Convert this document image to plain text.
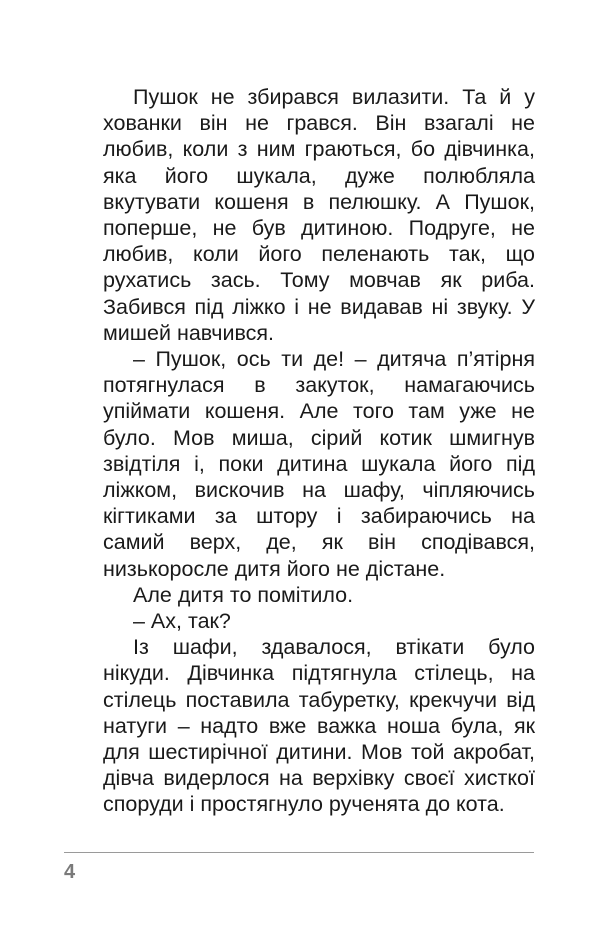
Пушок не збирався вилазити. Та й у хованки він не грався. Він взагалі не любив, коли з ним граються, бо дівчинка, яка його шукала, дуже полюбляла вкутувати кошеня в пелюшку. А Пушок, поперше, не був дитиною. Подруге, не любив, коли його пеленають так, що рухатись зась. Тому мовчав як риба. Забився під ліжко і не видавав ні звуку. У мишей навчився.

– Пушок, ось ти де! – дитяча п’ятірня потягнулася в закуток, намагаючись упіймати кошеня. Але того там уже не було. Мов миша, сірий котик шмигнув звідтіля і, поки дитина шукала його під ліжком, вискочив на шафу, чіпляючись кігтиками за штору і забираючись на самий верх, де, як він сподівався, низькоросле дитя його не дістане.

Але дитя то помітило.

– Ах, так?

Із шафи, здавалося, втікати було нікуди. Дівчинка підтягнула стілець, на стілець поставила табуретку, крекчучи від натуги – надто вже важка ноша була, як для шестирічної дитини. Мов той акробат, дівча видерлося на верхівку своєї хисткої споруди і простягнуло рученята до кота.

4
